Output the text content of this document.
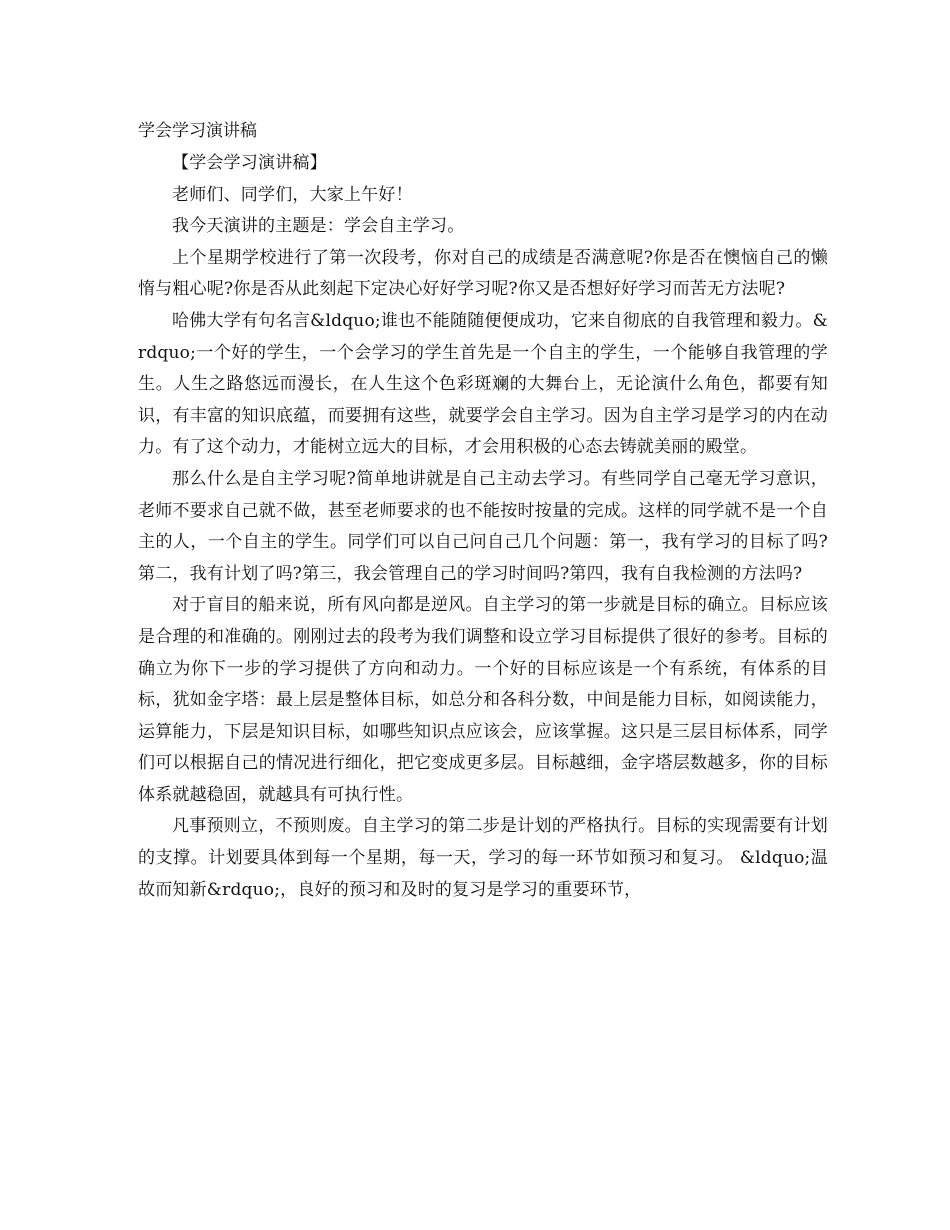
学会学习演讲稿

【学会学习演讲稿】

老师们、同学们，大家上午好！

我今天演讲的主题是：学会自主学习。

上个星期学校进行了第一次段考，你对自己的成绩是否满意呢?你是否在懊恼自己的懒惰与粗心呢?你是否从此刻起下定决心好好学习呢?你又是否想好好学习而苦无方法呢?

哈佛大学有句名言&ldquo;谁也不能随随便便成功，它来自彻底的自我管理和毅力。&rdquo;一个好的学生，一个会学习的学生首先是一个自主的学生，一个能够自我管理的学生。人生之路悠远而漫长，在人生这个色彩斑斓的大舞台上，无论演什么角色，都要有知识，有丰富的知识底蕴，而要拥有这些，就要学会自主学习。因为自主学习是学习的内在动力。有了这个动力，才能树立远大的目标，才会用积极的心态去铸就美丽的殿堂。

那么什么是自主学习呢?简单地讲就是自己主动去学习。有些同学自己毫无学习意识，老师不要求自己就不做，甚至老师要求的也不能按时按量的完成。这样的同学就不是一个自主的人，一个自主的学生。同学们可以自己问自己几个问题：第一，我有学习的目标了吗?第二，我有计划了吗?第三，我会管理自己的学习时间吗?第四，我有自我检测的方法吗?

对于盲目的船来说，所有风向都是逆风。自主学习的第一步就是目标的确立。目标应该是合理的和准确的。刚刚过去的段考为我们调整和设立学习目标提供了很好的参考。目标的确立为你下一步的学习提供了方向和动力。一个好的目标应该是一个有系统，有体系的目标，犹如金字塔：最上层是整体目标，如总分和各科分数，中间是能力目标，如阅读能力，运算能力，下层是知识目标，如哪些知识点应该会，应该掌握。这只是三层目标体系，同学们可以根据自己的情况进行细化，把它变成更多层。目标越细，金字塔层数越多，你的目标体系就越稳固，就越具有可执行性。

凡事预则立，不预则废。自主学习的第二步是计划的严格执行。目标的实现需要有计划的支撑。计划要具体到每一个星期，每一天，学习的每一环节如预习和复习。 &ldquo;温故而知新&rdquo;，良好的预习和及时的复习是学习的重要环节，
